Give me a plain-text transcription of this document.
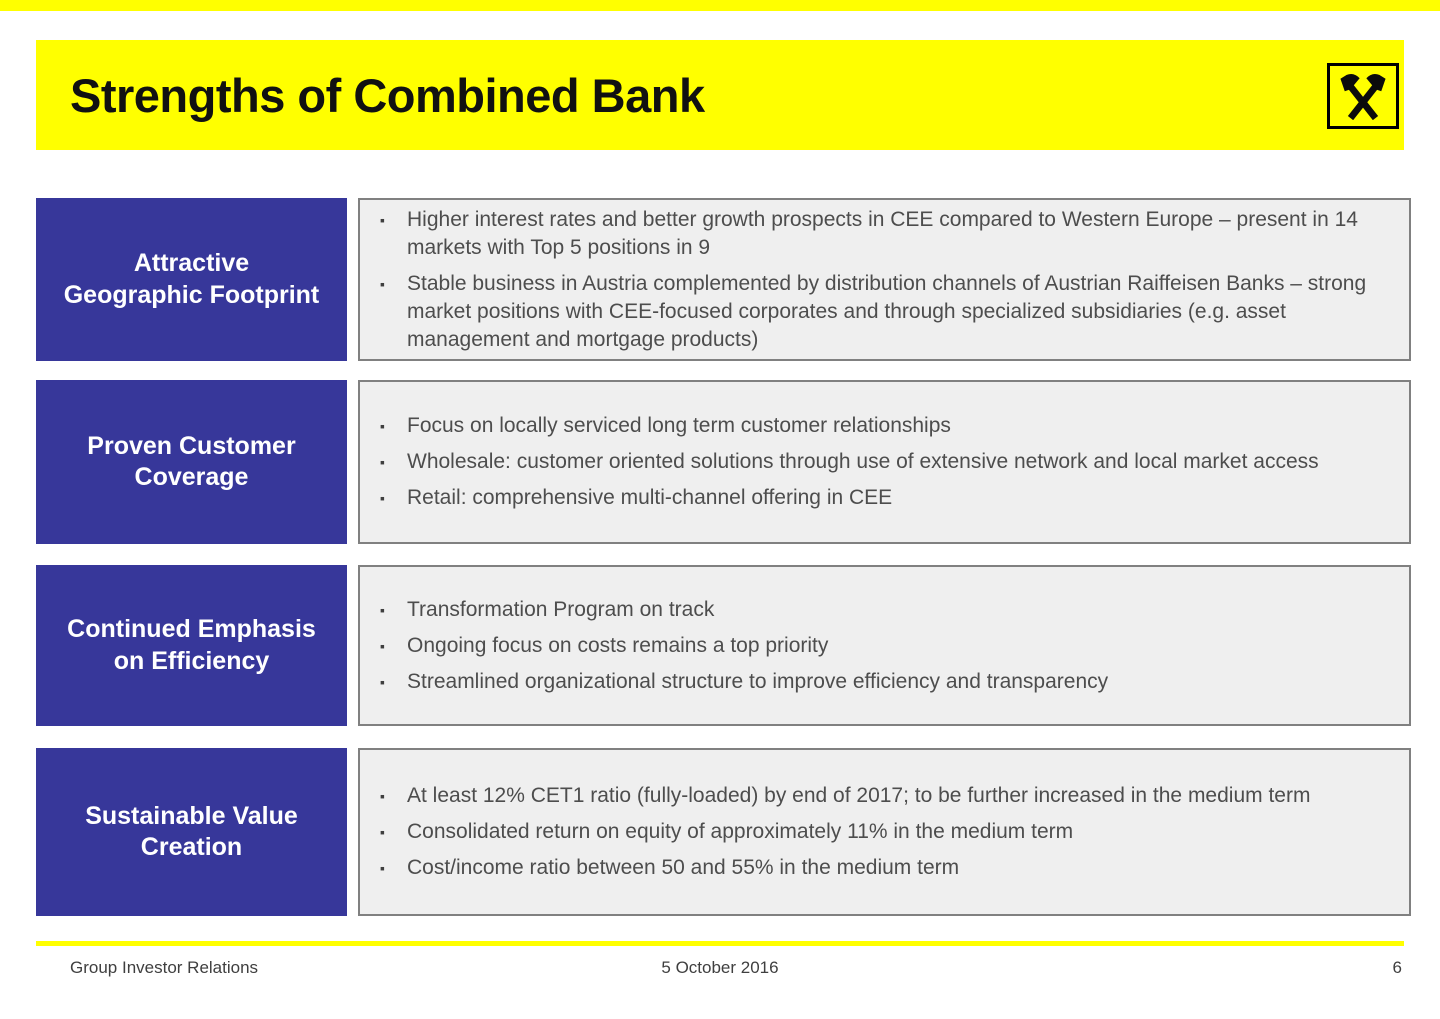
Strengths of Combined Bank
Attractive Geographic Footprint
▪	Higher interest rates and better growth prospects in CEE compared to Western Europe – present in 14 markets with Top 5 positions in 9
▪	Stable business in Austria complemented by distribution channels of Austrian Raiffeisen Banks – strong market positions with CEE-focused corporates and through specialized subsidiaries (e.g. asset management and mortgage products)
Proven Customer Coverage
▪	Focus on locally serviced long term customer relationships
▪	Wholesale: customer oriented solutions through use of extensive network and local market access
▪	Retail: comprehensive multi-channel offering in CEE
Continued Emphasis on Efficiency
▪	Transformation Program on track
▪	Ongoing focus on costs remains a top priority
▪	Streamlined organizational structure to improve efficiency and transparency
Sustainable Value Creation
▪	At least 12% CET1 ratio (fully-loaded) by end of 2017; to be further increased in the medium term
▪	Consolidated return on equity of approximately 11% in the medium term
▪	Cost/income ratio between 50 and 55% in the medium term
Group Investor Relations	5 October 2016	6
